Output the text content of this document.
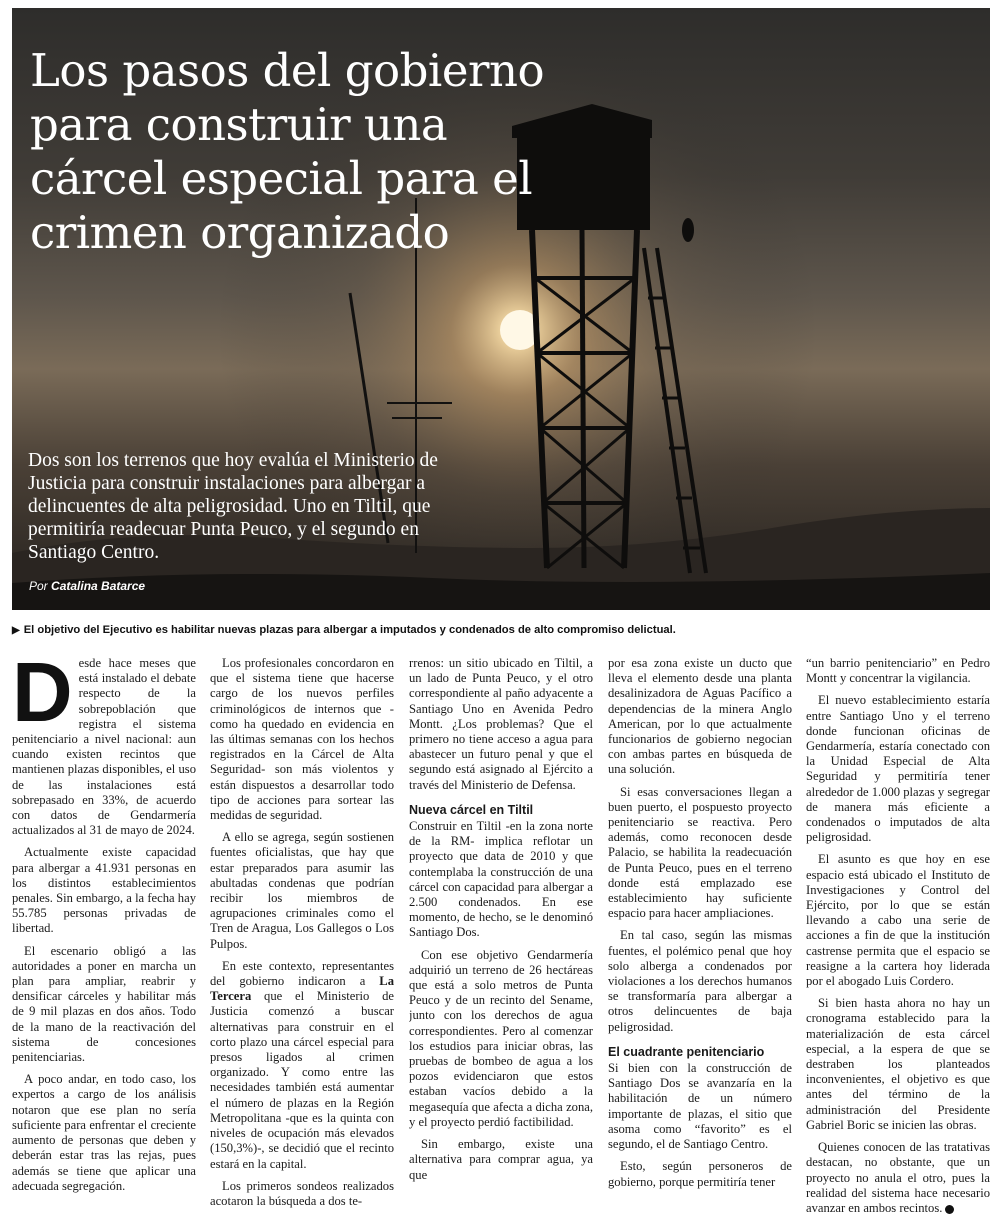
Los pasos del gobierno para construir una cárcel especial para el crimen organizado

Dos son los terrenos que hoy evalúa el Ministerio de Justicia para construir instalaciones para albergar a delincuentes de alta peligrosidad. Uno en Tiltil, que permitiría readecuar Punta Peuco, y el segundo en Santiago Centro.

Por Catalina Batarce

▶ El objetivo del Ejecutivo es habilitar nuevas plazas para albergar a imputados y condenados de alto compromiso delictual.

Desde hace meses que está instalado el debate respecto de la sobrepoblación que registra el sistema penitenciario a nivel nacional: aun cuando existen recintos que mantienen plazas disponibles, el uso de las instalaciones está sobrepasado en 33%, de acuerdo con datos de Gendarmería actualizados al 31 de mayo de 2024.

Actualmente existe capacidad para albergar a 41.931 personas en los distintos establecimientos penales. Sin embargo, a la fecha hay 55.785 personas privadas de libertad.

El escenario obligó a las autoridades a poner en marcha un plan para ampliar, reabrir y densificar cárceles y habilitar más de 9 mil plazas en dos años. Todo de la mano de la reactivación del sistema de concesiones penitenciarias.

A poco andar, en todo caso, los expertos a cargo de los análisis notaron que ese plan no sería suficiente para enfrentar el creciente aumento de personas que deben y deberán estar tras las rejas, pues además se tiene que aplicar una adecuada segregación.

Los profesionales concordaron en que el sistema tiene que hacerse cargo de los nuevos perfiles criminológicos de internos que -como ha quedado en evidencia en las últimas semanas con los hechos registrados en la Cárcel de Alta Seguridad- son más violentos y están dispuestos a desarrollar todo tipo de acciones para sortear las medidas de seguridad.

A ello se agrega, según sostienen fuentes oficialistas, que hay que estar preparados para asumir las abultadas condenas que podrían recibir los miembros de agrupaciones criminales como el Tren de Aragua, Los Gallegos o Los Pulpos.

En este contexto, representantes del gobierno indicaron a La Tercera que el Ministerio de Justicia comenzó a buscar alternativas para construir en el corto plazo una cárcel especial para presos ligados al crimen organizado. Y como entre las necesidades también está aumentar el número de plazas en la Región Metropolitana -que es la quinta con niveles de ocupación más elevados (150,3%)-, se decidió que el recinto estará en la capital.

Los primeros sondeos realizados acotaron la búsqueda a dos te-

rrenos: un sitio ubicado en Tiltil, a un lado de Punta Peuco, y el otro correspondiente al paño adyacente a Santiago Uno en Avenida Pedro Montt. ¿Los problemas? Que el primero no tiene acceso a agua para abastecer un futuro penal y que el segundo está asignado al Ejército a través del Ministerio de Defensa.

Nueva cárcel en Tiltil

Construir en Tiltil -en la zona norte de la RM- implica reflotar un proyecto que data de 2010 y que contemplaba la construcción de una cárcel con capacidad para albergar a 2.500 condenados. En ese momento, de hecho, se le denominó Santiago Dos.

Con ese objetivo Gendarmería adquirió un terreno de 26 hectáreas que está a solo metros de Punta Peuco y de un recinto del Sename, junto con los derechos de agua correspondientes. Pero al comenzar los estudios para iniciar obras, las pruebas de bombeo de agua a los pozos evidenciaron que estos estaban vacíos debido a la megasequía que afecta a dicha zona, y el proyecto perdió factibilidad.

Sin embargo, existe una alternativa para comprar agua, ya que

por esa zona existe un ducto que lleva el elemento desde una planta desalinizadora de Aguas Pacífico a dependencias de la minera Anglo American, por lo que actualmente funcionarios de gobierno negocian con ambas partes en búsqueda de una solución.

Si esas conversaciones llegan a buen puerto, el pospuesto proyecto penitenciario se reactiva. Pero además, como reconocen desde Palacio, se habilita la readecuación de Punta Peuco, pues en el terreno donde está emplazado ese establecimiento hay suficiente espacio para hacer ampliaciones.

En tal caso, según las mismas fuentes, el polémico penal que hoy solo alberga a condenados por violaciones a los derechos humanos se transformaría para albergar a otros delincuentes de baja peligrosidad.

El cuadrante penitenciario

Si bien con la construcción de Santiago Dos se avanzaría en la habilitación de un número importante de plazas, el sitio que asoma como “favorito” es el segundo, el de Santiago Centro.

Esto, según personeros de gobierno, porque permitiría tener

“un barrio penitenciario” en Pedro Montt y concentrar la vigilancia.

El nuevo establecimiento estaría entre Santiago Uno y el terreno donde funcionan oficinas de Gendarmería, estaría conectado con la Unidad Especial de Alta Seguridad y permitiría tener alrededor de 1.000 plazas y segregar de manera más eficiente a condenados o imputados de alta peligrosidad.

El asunto es que hoy en ese espacio está ubicado el Instituto de Investigaciones y Control del Ejército, por lo que se están llevando a cabo una serie de acciones a fin de que la institución castrense permita que el espacio se reasigne a la cartera hoy liderada por el abogado Luis Cordero.

Si bien hasta ahora no hay un cronograma establecido para la materialización de esta cárcel especial, a la espera de que se destraben los planteados inconvenientes, el objetivo es que antes del término de la administración del Presidente Gabriel Boric se inicien las obras.

Quienes conocen de las tratativas destacan, no obstante, que un proyecto no anula el otro, pues la realidad del sistema hace necesario avanzar en ambos recintos.
